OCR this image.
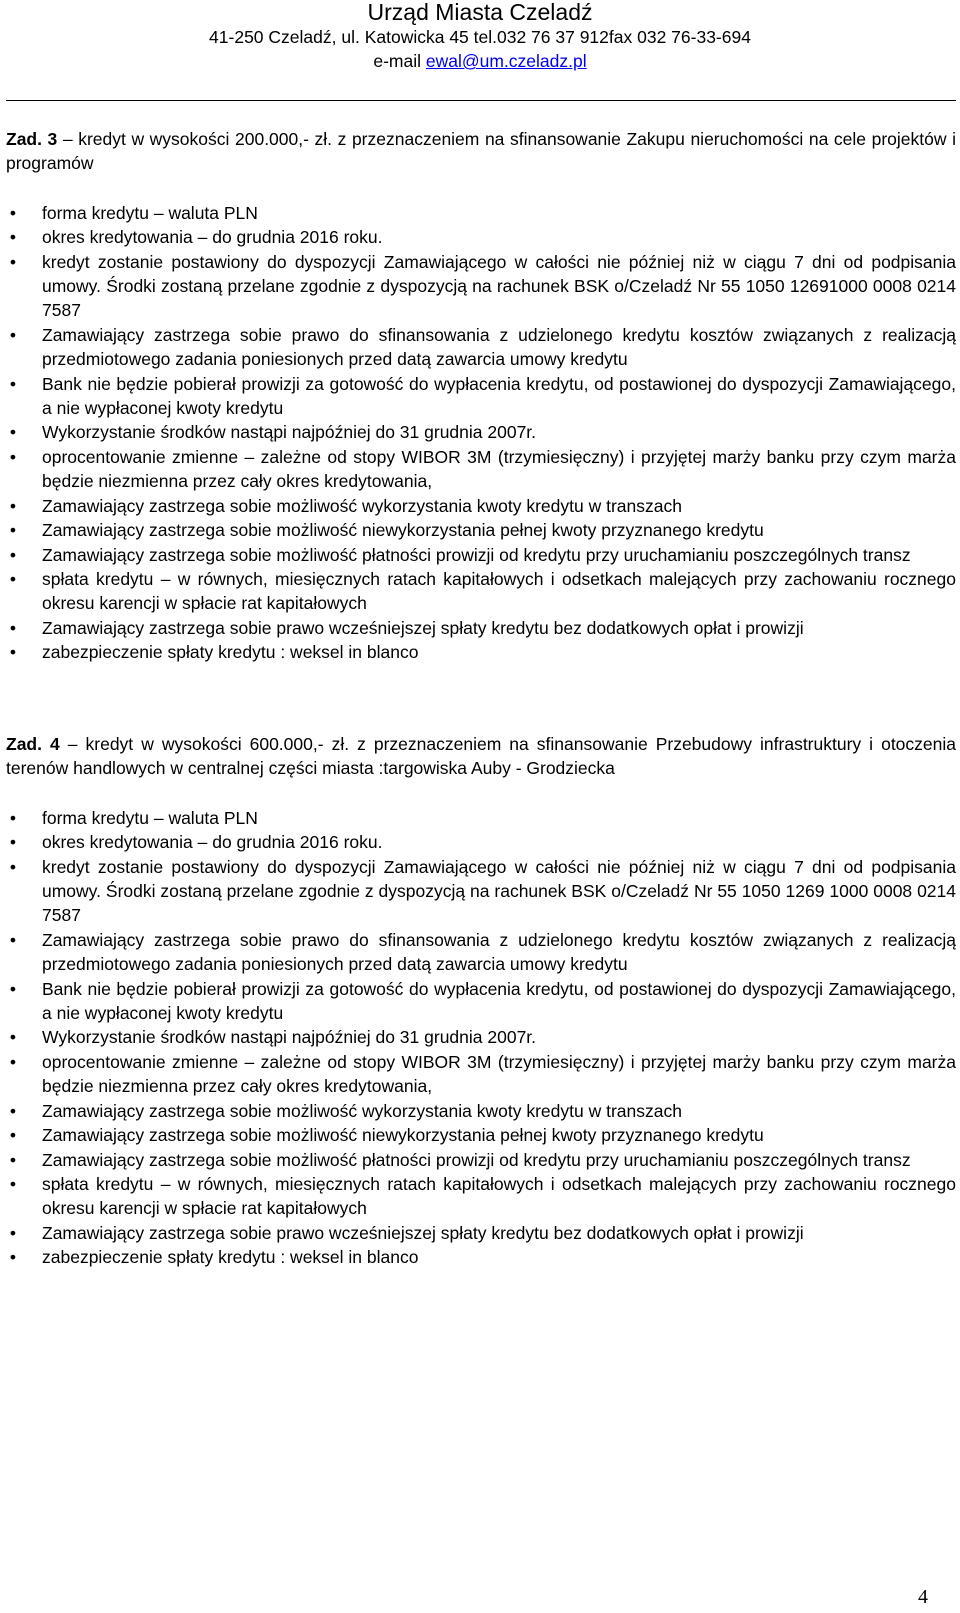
Urząd Miasta Czeladź
41-250 Czeladź, ul. Katowicka 45 tel.032 76 37 912fax 032 76-33-694
e-mail ewal@um.czeladz.pl

Zad. 3 – kredyt w wysokości 200.000,- zł. z przeznaczeniem na sfinansowanie Zakupu nieruchomości na cele projektów i programów

• forma kredytu – waluta PLN
• okres kredytowania – do grudnia 2016 roku.
• kredyt zostanie postawiony do dyspozycji Zamawiającego w całości nie później niż w ciągu 7 dni od podpisania umowy. Środki zostaną przelane zgodnie z dyspozycją na rachunek BSK o/Czeladź Nr 55 1050 12691000 0008 0214 7587
• Zamawiający zastrzega sobie prawo do sfinansowania z udzielonego kredytu kosztów związanych z realizacją przedmiotowego zadania poniesionych przed datą zawarcia umowy kredytu
• Bank nie będzie pobierał prowizji za gotowość do wypłacenia kredytu, od postawionej do dyspozycji Zamawiającego, a nie wypłaconej kwoty kredytu
• Wykorzystanie środków nastąpi najpóźniej do 31 grudnia 2007r.
• oprocentowanie zmienne – zależne od stopy WIBOR 3M (trzymiesięczny) i przyjętej marży banku przy czym marża będzie niezmienna przez cały okres kredytowania,
• Zamawiający zastrzega sobie możliwość wykorzystania kwoty kredytu w transzach
• Zamawiający zastrzega sobie możliwość niewykorzystania pełnej kwoty przyznanego kredytu
• Zamawiający zastrzega sobie możliwość płatności prowizji od kredytu przy uruchamianiu poszczególnych transz
• spłata kredytu – w równych, miesięcznych ratach kapitałowych i odsetkach malejących przy zachowaniu rocznego okresu karencji w spłacie rat kapitałowych
• Zamawiający zastrzega sobie prawo wcześniejszej spłaty kredytu bez dodatkowych opłat i prowizji
• zabezpieczenie spłaty kredytu : weksel in blanco

Zad. 4 – kredyt w wysokości 600.000,- zł. z przeznaczeniem na sfinansowanie Przebudowy infrastruktury i otoczenia terenów handlowych w centralnej części miasta :targowiska Auby - Grodziecka

• forma kredytu – waluta PLN
• okres kredytowania – do grudnia 2016 roku.
• kredyt zostanie postawiony do dyspozycji Zamawiającego w całości nie później niż w ciągu 7 dni od podpisania umowy. Środki zostaną przelane zgodnie z dyspozycją na rachunek BSK o/Czeladź Nr 55 1050 1269 1000 0008 0214 7587
• Zamawiający zastrzega sobie prawo do sfinansowania z udzielonego kredytu kosztów związanych z realizacją przedmiotowego zadania poniesionych przed datą zawarcia umowy kredytu
• Bank nie będzie pobierał prowizji za gotowość do wypłacenia kredytu, od postawionej do dyspozycji Zamawiającego, a nie wypłaconej kwoty kredytu
• Wykorzystanie środków nastąpi najpóźniej do 31 grudnia 2007r.
• oprocentowanie zmienne – zależne od stopy WIBOR 3M (trzymiesięczny) i przyjętej marży banku przy czym marża będzie niezmienna przez cały okres kredytowania,
• Zamawiający zastrzega sobie możliwość wykorzystania kwoty kredytu w transzach
• Zamawiający zastrzega sobie możliwość niewykorzystania pełnej kwoty przyznanego kredytu
• Zamawiający zastrzega sobie możliwość płatności prowizji od kredytu przy uruchamianiu poszczególnych transz
• spłata kredytu – w równych, miesięcznych ratach kapitałowych i odsetkach malejących przy zachowaniu rocznego okresu karencji w spłacie rat kapitałowych
• Zamawiający zastrzega sobie prawo wcześniejszej spłaty kredytu bez dodatkowych opłat i prowizji
• zabezpieczenie spłaty kredytu : weksel in blanco
4
